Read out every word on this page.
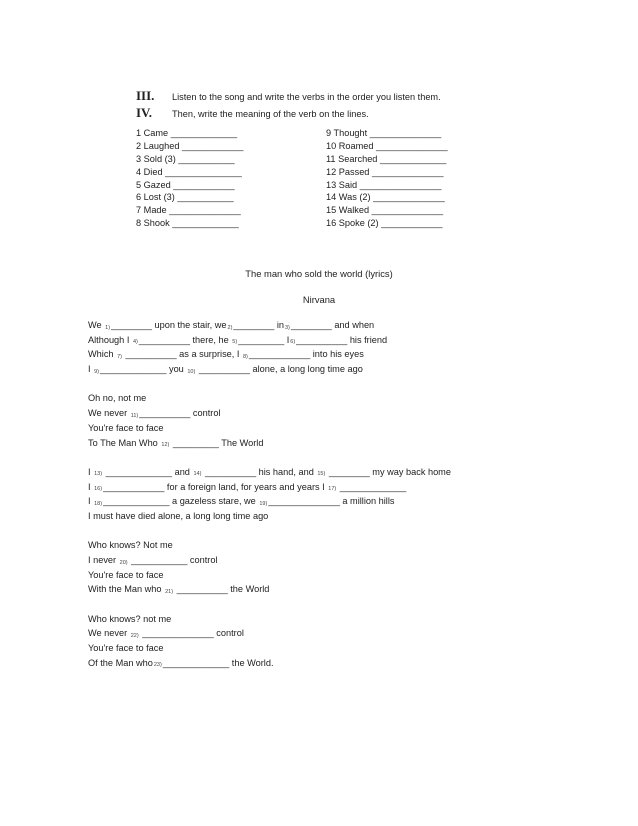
III.	Listen to the song and write the verbs in the order you listen them.
IV.	Then, write the meaning of the verb on the lines.
1 Came _____________
2 Laughed ____________
3 Sold (3) ___________
4 Died _______________
5 Gazed ____________
6 Lost (3) ___________
7 Made ______________
8 Shook _____________
9 Thought ______________
10 Roamed ______________
11 Searched _____________
12 Passed ______________
13 Said ________________
14 Was (2) ______________
15 Walked ______________
16 Spoke (2) ____________
The man who sold the world (lyrics)
Nirvana
We $_{1)}$________ upon the stair, $we_{2)}\_\_\_\_\_\_\_\_$ $in_{3)}\_\_\_\_\_\_\_\_$ and when
Although I $_{4)}$__________ there, he $_{5)}$_________ $I_{6)}\_\_\_\_\_\_\_\_\_\_$ his friend
Which $_{7)}$ __________ as a surprise, I $_{8)}$____________ into his eyes
I $_{9)}$_____________ you $_{10)}$ __________ alone, a long long time ago
Oh no, not me
We never $_{11)}$__________ control
You're face to face
To The Man Who $_{12)}$ _________ The World
I $_{13)}$ _____________ and $_{14)}$ __________ his hand, and $_{15)}$ ________ my way back home
I $_{16)}$____________ for a foreign land, for years and years I $_{17)}$ _____________
I $_{18)}$_____________ a gazeless stare, we $_{19)}$______________ a million hills
I must have died alone, a long long time ago
Who knows? Not me
I never $_{20)}$ ___________ control
You're face to face
With the Man who $_{21)}$ __________ the World
Who knows? not me
We never $_{22)}$ ______________ control
You're face to face
Of the Man who$_{23)}$_____________ the World.
